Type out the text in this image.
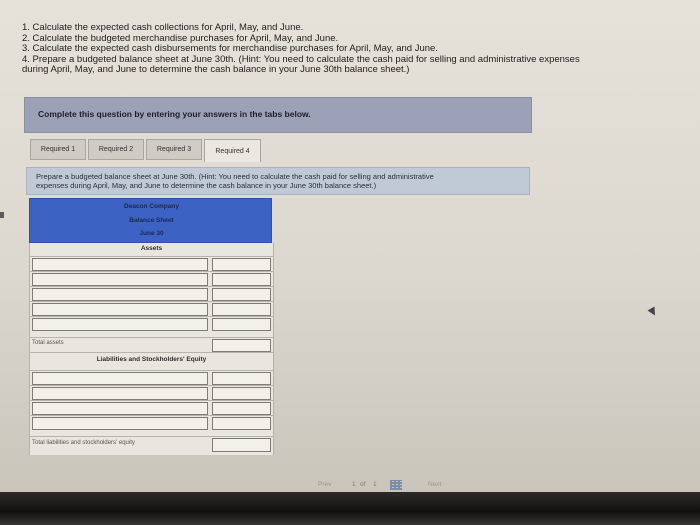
1. Calculate the expected cash collections for April, May, and June.
2. Calculate the budgeted merchandise purchases for April, May, and June.
3. Calculate the expected cash disbursements for merchandise purchases for April, May, and June.
4. Prepare a budgeted balance sheet at June 30th. (Hint: You need to calculate the cash paid for selling and administrative expenses
during April, May, and June to determine the cash balance in your June 30th balance sheet.)
Complete this question by entering your answers in the tabs below.
Required 1	Required 2	Required 3	Required 4
Prepare a budgeted balance sheet at June 30th. (Hint: You need to calculate the cash paid for selling and administrative
expenses during April, May, and June to determine the cash balance in your June 30th balance sheet.)
Deacon Company
Balance Sheet
June 30
Assets
Total assets
Liabilities and Stockholders' Equity
Total liabilities and stockholders' equity
Prev	1 of 1	Next
